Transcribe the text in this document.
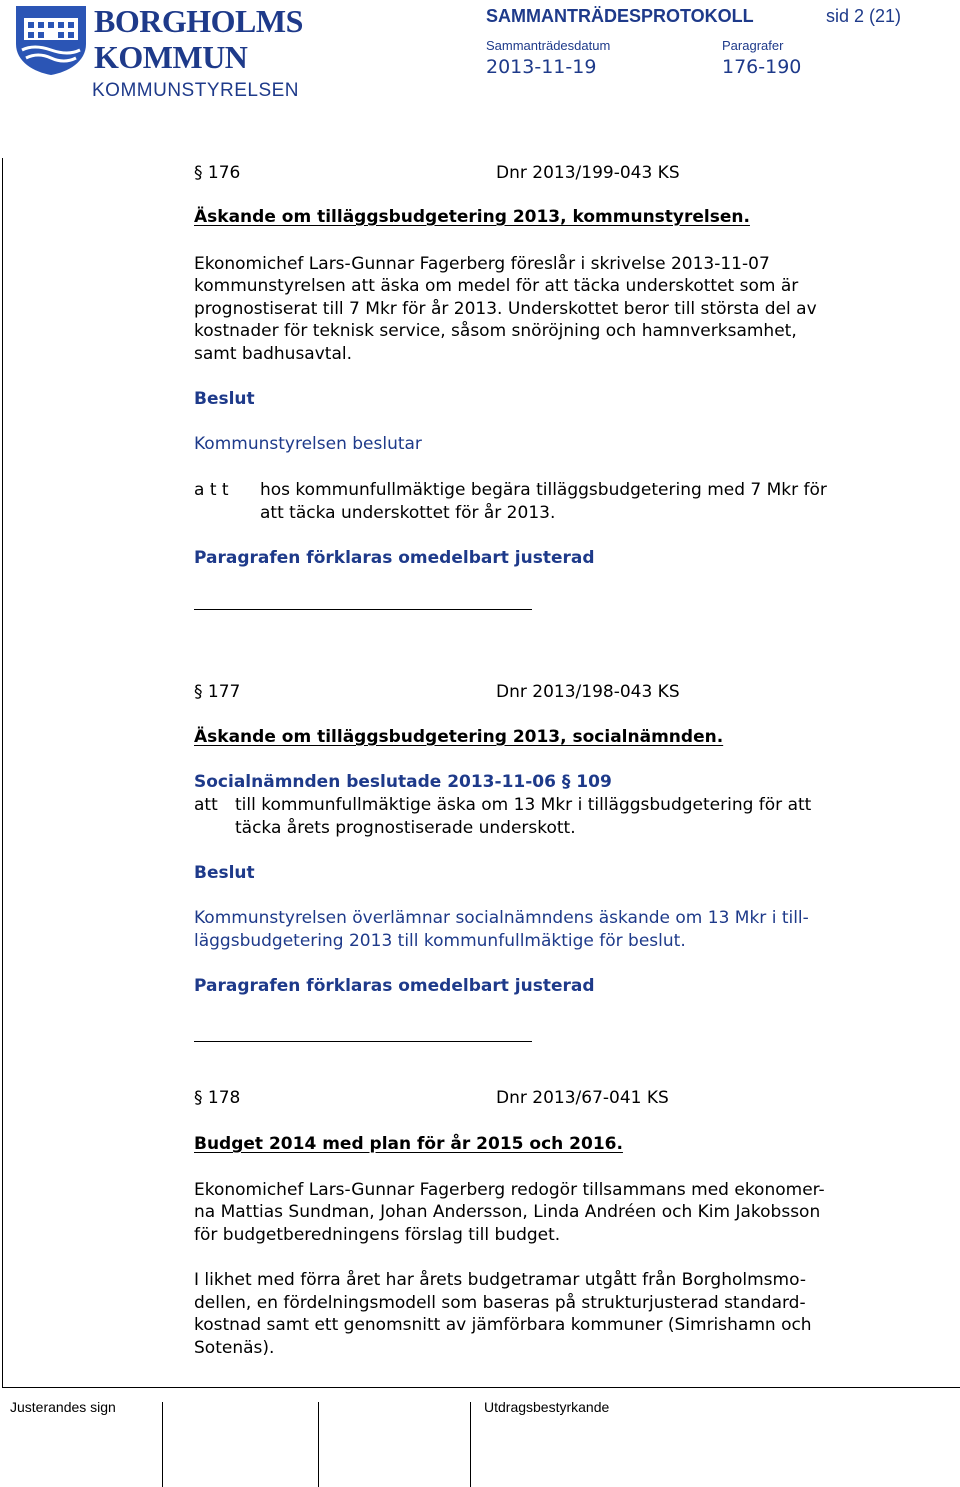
BORGHOLMS
KOMMUN
KOMMUNSTYRELSEN
SAMMANTRÄDESPROTOKOLL	sid 2 (21)
Sammanträdesdatum
2013-11-19
Paragrafer
176-190
§ 176	Dnr 2013/199-043 KS
Äskande om tilläggsbudgetering 2013, kommunstyrelsen.
Ekonomichef Lars-Gunnar Fagerberg föreslår i skrivelse 2013-11-07
kommunstyrelsen att äska om medel för att täcka underskottet som är
prognostiserat till 7 Mkr för år 2013. Underskottet beror till största del av
kostnader för teknisk service, såsom snöröjning och hamnverksamhet,
samt badhusavtal.
Beslut
Kommunstyrelsen beslutar
a t t hos kommunfullmäktige begära tilläggsbudgetering med 7 Mkr för
att täcka underskottet för år 2013.
Paragrafen förklaras omedelbart justerad
§ 177	Dnr 2013/198-043 KS
Äskande om tilläggsbudgetering 2013, socialnämnden.
Socialnämnden beslutade 2013-11-06 § 109
att till kommunfullmäktige äska om 13 Mkr i tilläggsbudgetering för att
täcka årets prognostiserade underskott.
Beslut
Kommunstyrelsen överlämnar socialnämndens äskande om 13 Mkr i till-
läggsbudgetering 2013 till kommunfullmäktige för beslut.
Paragrafen förklaras omedelbart justerad
§ 178	Dnr 2013/67-041 KS
Budget 2014 med plan för år 2015 och 2016.
Ekonomichef Lars-Gunnar Fagerberg redogör tillsammans med ekonomer-
na Mattias Sundman, Johan Andersson, Linda Andréen och Kim Jakobsson
för budgetberedningens förslag till budget.
I likhet med förra året har årets budgetramar utgått från Borgholmsmo-
dellen, en fördelningsmodell som baseras på strukturjusterad standard-
kostnad samt ett genomsnitt av jämförbara kommuner (Simrishamn och
Sotenäs).
Justerandes sign	Utdragsbestyrkande
